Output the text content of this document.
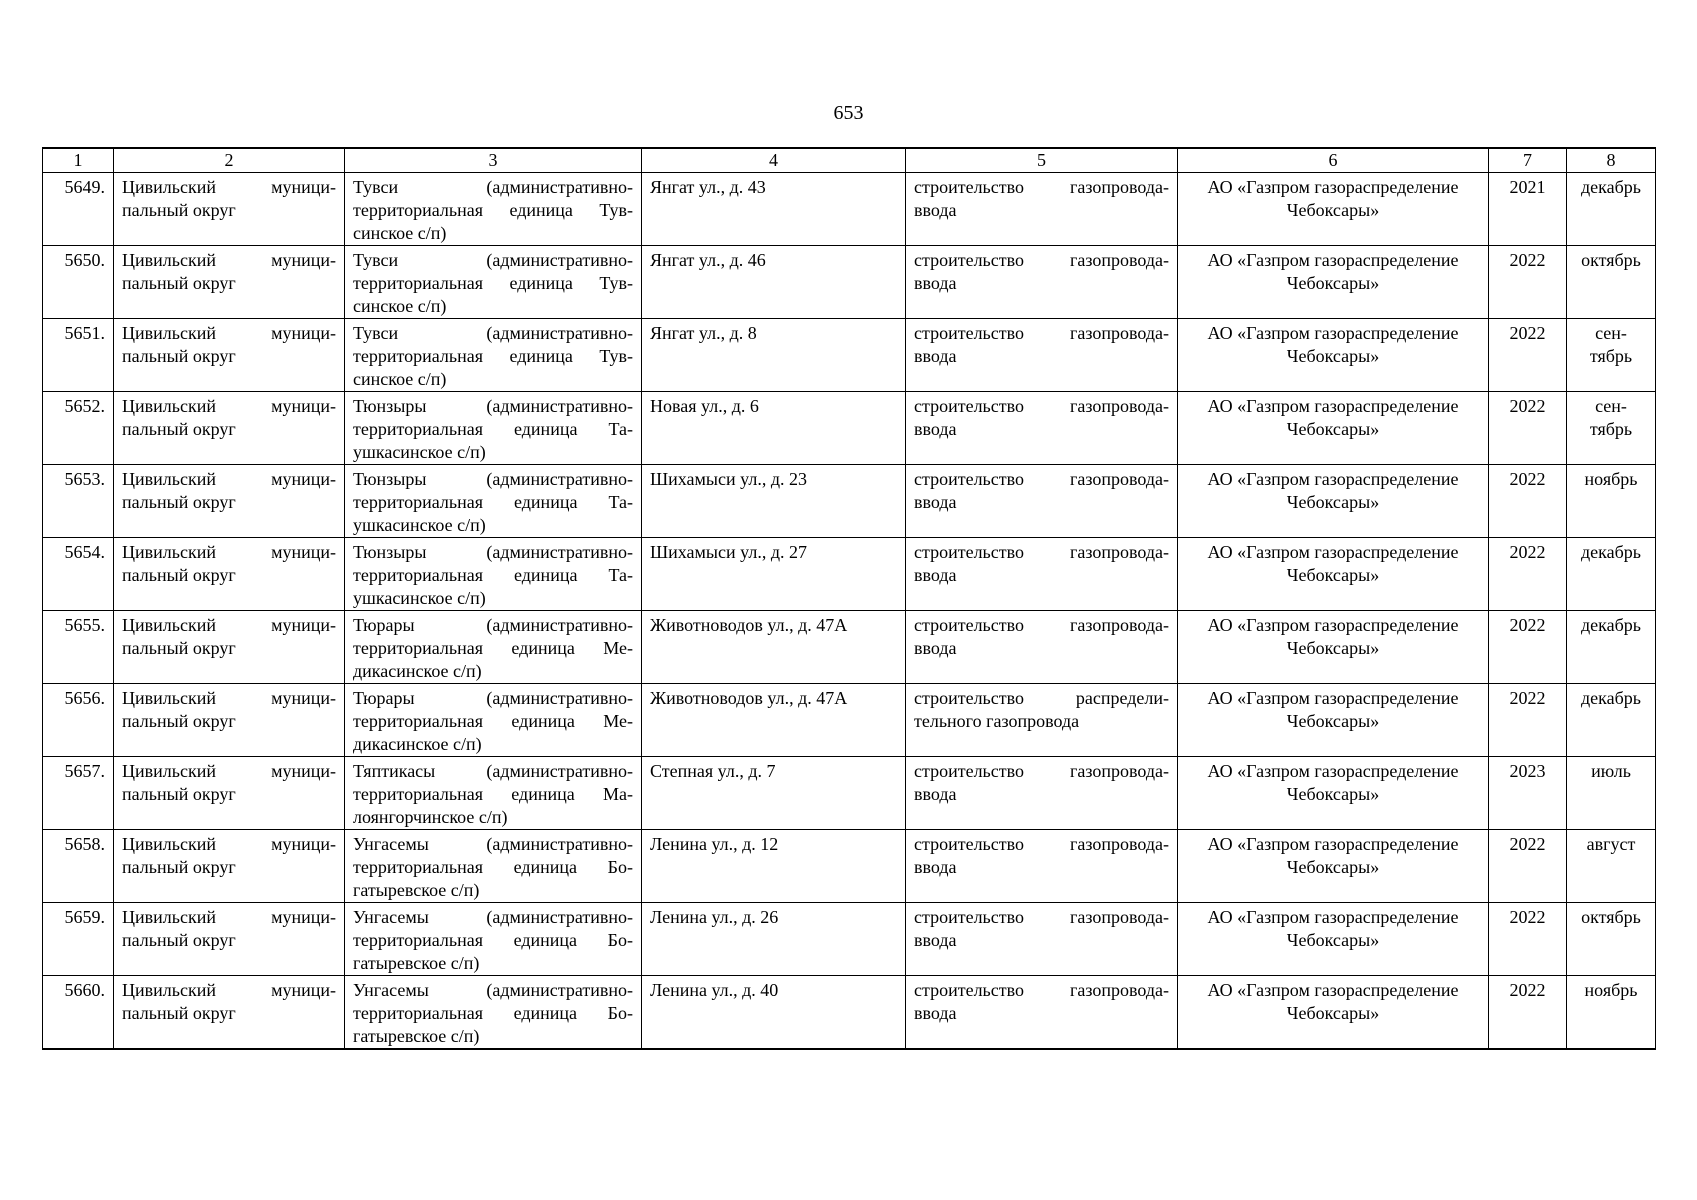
653
1	2	3	4	5	6	7	8
5649.	Цивильский муници-пальный округ	Тувси (административно-территориальная единица Тув-синское с/п)	Янгат ул., д. 43	строительство газопровода-ввода	АО «Газпром газораспределение Чебоксары»	2021	декабрь
5650.	Цивильский муници-пальный округ	Тувси (административно-территориальная единица Тув-синское с/п)	Янгат ул., д. 46	строительство газопровода-ввода	АО «Газпром газораспределение Чебоксары»	2022	октябрь
5651.	Цивильский муници-пальный округ	Тувси (административно-территориальная единица Тув-синское с/п)	Янгат ул., д. 8	строительство газопровода-ввода	АО «Газпром газораспределение Чебоксары»	2022	сен-тябрь
5652.	Цивильский муници-пальный округ	Тюнзыры (административно-территориальная единица Та-ушкасинское с/п)	Новая ул., д. 6	строительство газопровода-ввода	АО «Газпром газораспределение Чебоксары»	2022	сен-тябрь
5653.	Цивильский муници-пальный округ	Тюнзыры (административно-территориальная единица Та-ушкасинское с/п)	Шихамыси ул., д. 23	строительство газопровода-ввода	АО «Газпром газораспределение Чебоксары»	2022	ноябрь
5654.	Цивильский муници-пальный округ	Тюнзыры (административно-территориальная единица Та-ушкасинское с/п)	Шихамыси ул., д. 27	строительство газопровода-ввода	АО «Газпром газораспределение Чебоксары»	2022	декабрь
5655.	Цивильский муници-пальный округ	Тюрары (административно-территориальная единица Ме-дикасинское с/п)	Животноводов ул., д. 47А	строительство газопровода-ввода	АО «Газпром газораспределение Чебоксары»	2022	декабрь
5656.	Цивильский муници-пальный округ	Тюрары (административно-территориальная единица Ме-дикасинское с/п)	Животноводов ул., д. 47А	строительство распредели-тельного газопровода	АО «Газпром газораспределение Чебоксары»	2022	декабрь
5657.	Цивильский муници-пальный округ	Тяптикасы (административно-территориальная единица Ма-лоянгорчинское с/п)	Степная ул., д. 7	строительство газопровода-ввода	АО «Газпром газораспределение Чебоксары»	2023	июль
5658.	Цивильский муници-пальный округ	Унгасемы (административно-территориальная единица Бо-гатыревское с/п)	Ленина ул., д. 12	строительство газопровода-ввода	АО «Газпром газораспределение Чебоксары»	2022	август
5659.	Цивильский муници-пальный округ	Унгасемы (административно-территориальная единица Бо-гатыревское с/п)	Ленина ул., д. 26	строительство газопровода-ввода	АО «Газпром газораспределение Чебоксары»	2022	октябрь
5660.	Цивильский муници-пальный округ	Унгасемы (административно-территориальная единица Бо-гатыревское с/п)	Ленина ул., д. 40	строительство газопровода-ввода	АО «Газпром газораспределение Чебоксары»	2022	ноябрь
